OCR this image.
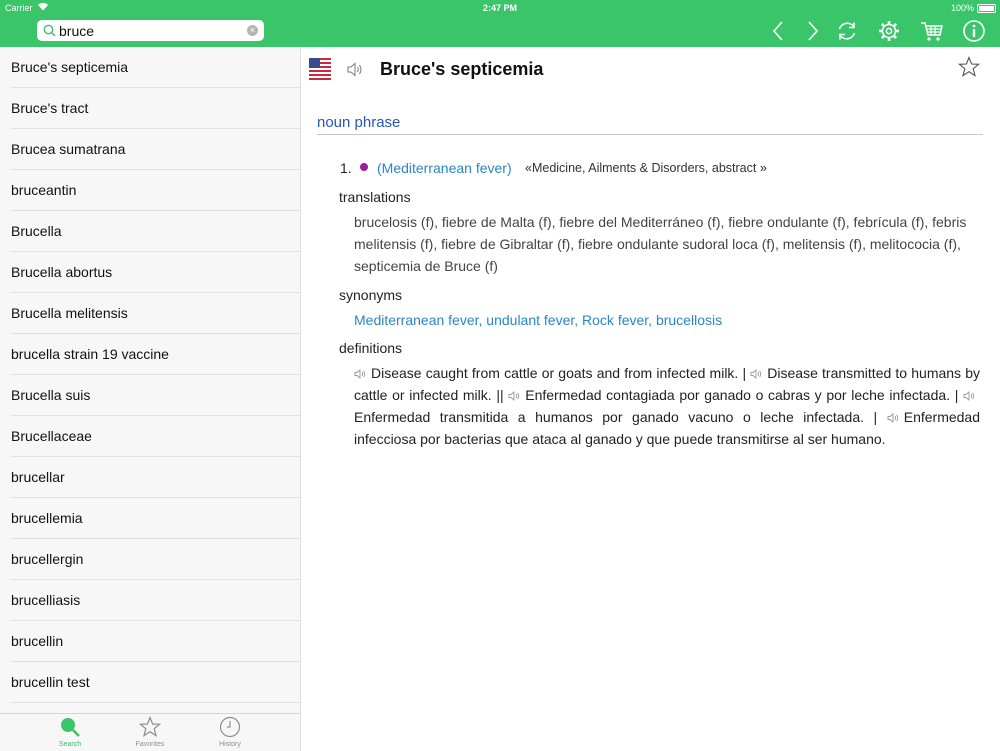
Carrier	2:47 PM	100%
bruce
×
Bruce's septicemia
Bruce's tract
Brucea sumatrana
bruceantin
Brucella
Brucella abortus
Brucella melitensis
brucella strain 19 vaccine
Brucella suis
Brucellaceae
brucellar
brucellemia
brucellergin
brucelliasis
brucellin
brucellin test
Search	Favorites	History
Bruce's septicemia
noun phrase
1. (Mediterranean fever) «Medicine, Ailments & Disorders, abstract »
translations
brucelosis (f), fiebre de Malta (f), fiebre del Mediterráneo (f), fiebre ondulante (f), febrícula (f), febris melitensis (f), fiebre de Gibraltar (f), fiebre ondulante sudoral loca (f), melitensis (f), melitococia (f), septicemia de Bruce (f)
synonyms
Mediterranean fever, undulant fever, Rock fever, brucellosis
definitions
Disease caught from cattle or goats and from infected milk. | Disease transmitted to humans by cattle or infected milk. || Enfermedad contagiada por ganado o cabras y por leche infectada. | Enfermedad transmitida a humanos por ganado vacuno o leche infectada. | Enfermedad infecciosa por bacterias que ataca al ganado y que puede transmitirse al ser humano.
